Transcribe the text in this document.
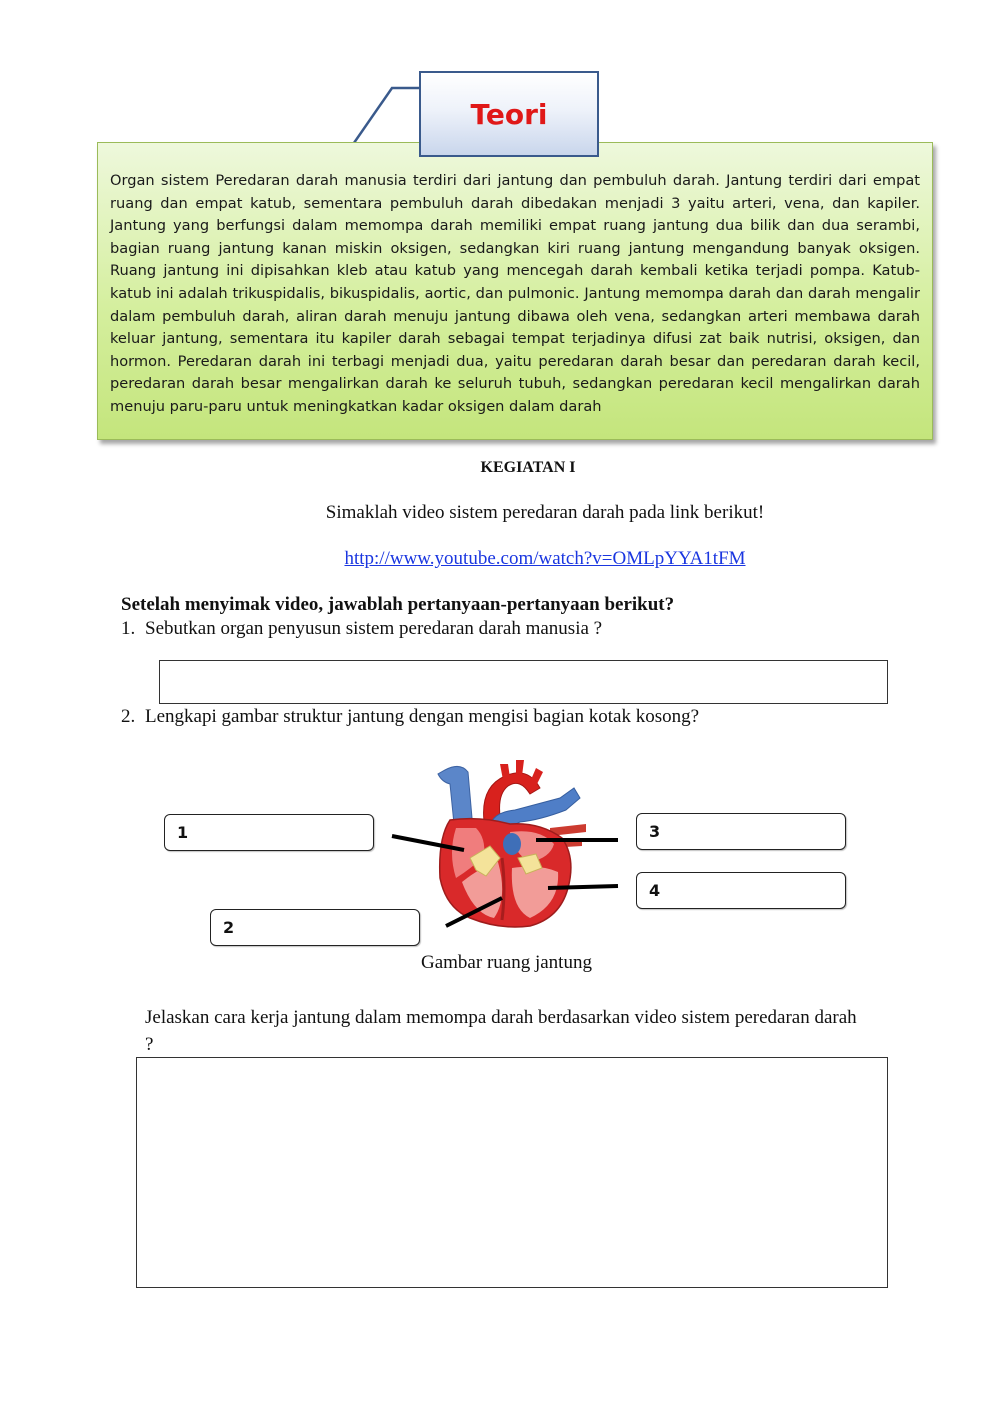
Teori
Organ sistem Peredaran darah manusia terdiri dari jantung dan pembuluh darah. Jantung terdiri dari empat ruang dan empat katub, sementara pembuluh darah dibedakan menjadi 3 yaitu arteri, vena, dan kapiler. Jantung yang berfungsi dalam memompa darah memiliki empat ruang jantung dua bilik dan dua serambi, bagian ruang jantung kanan miskin oksigen, sedangkan kiri ruang jantung mengandung banyak oksigen. Ruang jantung ini dipisahkan kleb atau katub yang mencegah darah kembali ketika terjadi pompa. Katub-katub ini adalah trikuspidalis, bikuspidalis, aortic, dan pulmonic. Jantung memompa darah dan darah mengalir dalam pembuluh darah, aliran darah menuju jantung dibawa oleh vena, sedangkan arteri membawa darah keluar jantung, sementara itu kapiler darah sebagai tempat terjadinya difusi zat baik nutrisi, oksigen, dan hormon. Peredaran darah ini terbagi menjadi dua, yaitu peredaran darah besar dan peredaran darah kecil, peredaran darah besar mengalirkan darah ke seluruh tubuh, sedangkan peredaran kecil mengalirkan darah menuju paru-paru untuk meningkatkan kadar oksigen dalam darah
KEGIATAN I
Simaklah video sistem peredaran darah pada link berikut!
http://www.youtube.com/watch?v=OMLpYYA1tFM
Setelah menyimak video, jawablah pertanyaan-pertanyaan berikut?
1. Sebutkan organ penyusun sistem peredaran darah manusia ?
2. Lengkapi gambar struktur jantung dengan mengisi bagian kotak kosong?
1
2
3
4
Gambar ruang jantung
Jelaskan cara kerja jantung dalam memompa darah berdasarkan video sistem peredaran darah ?
